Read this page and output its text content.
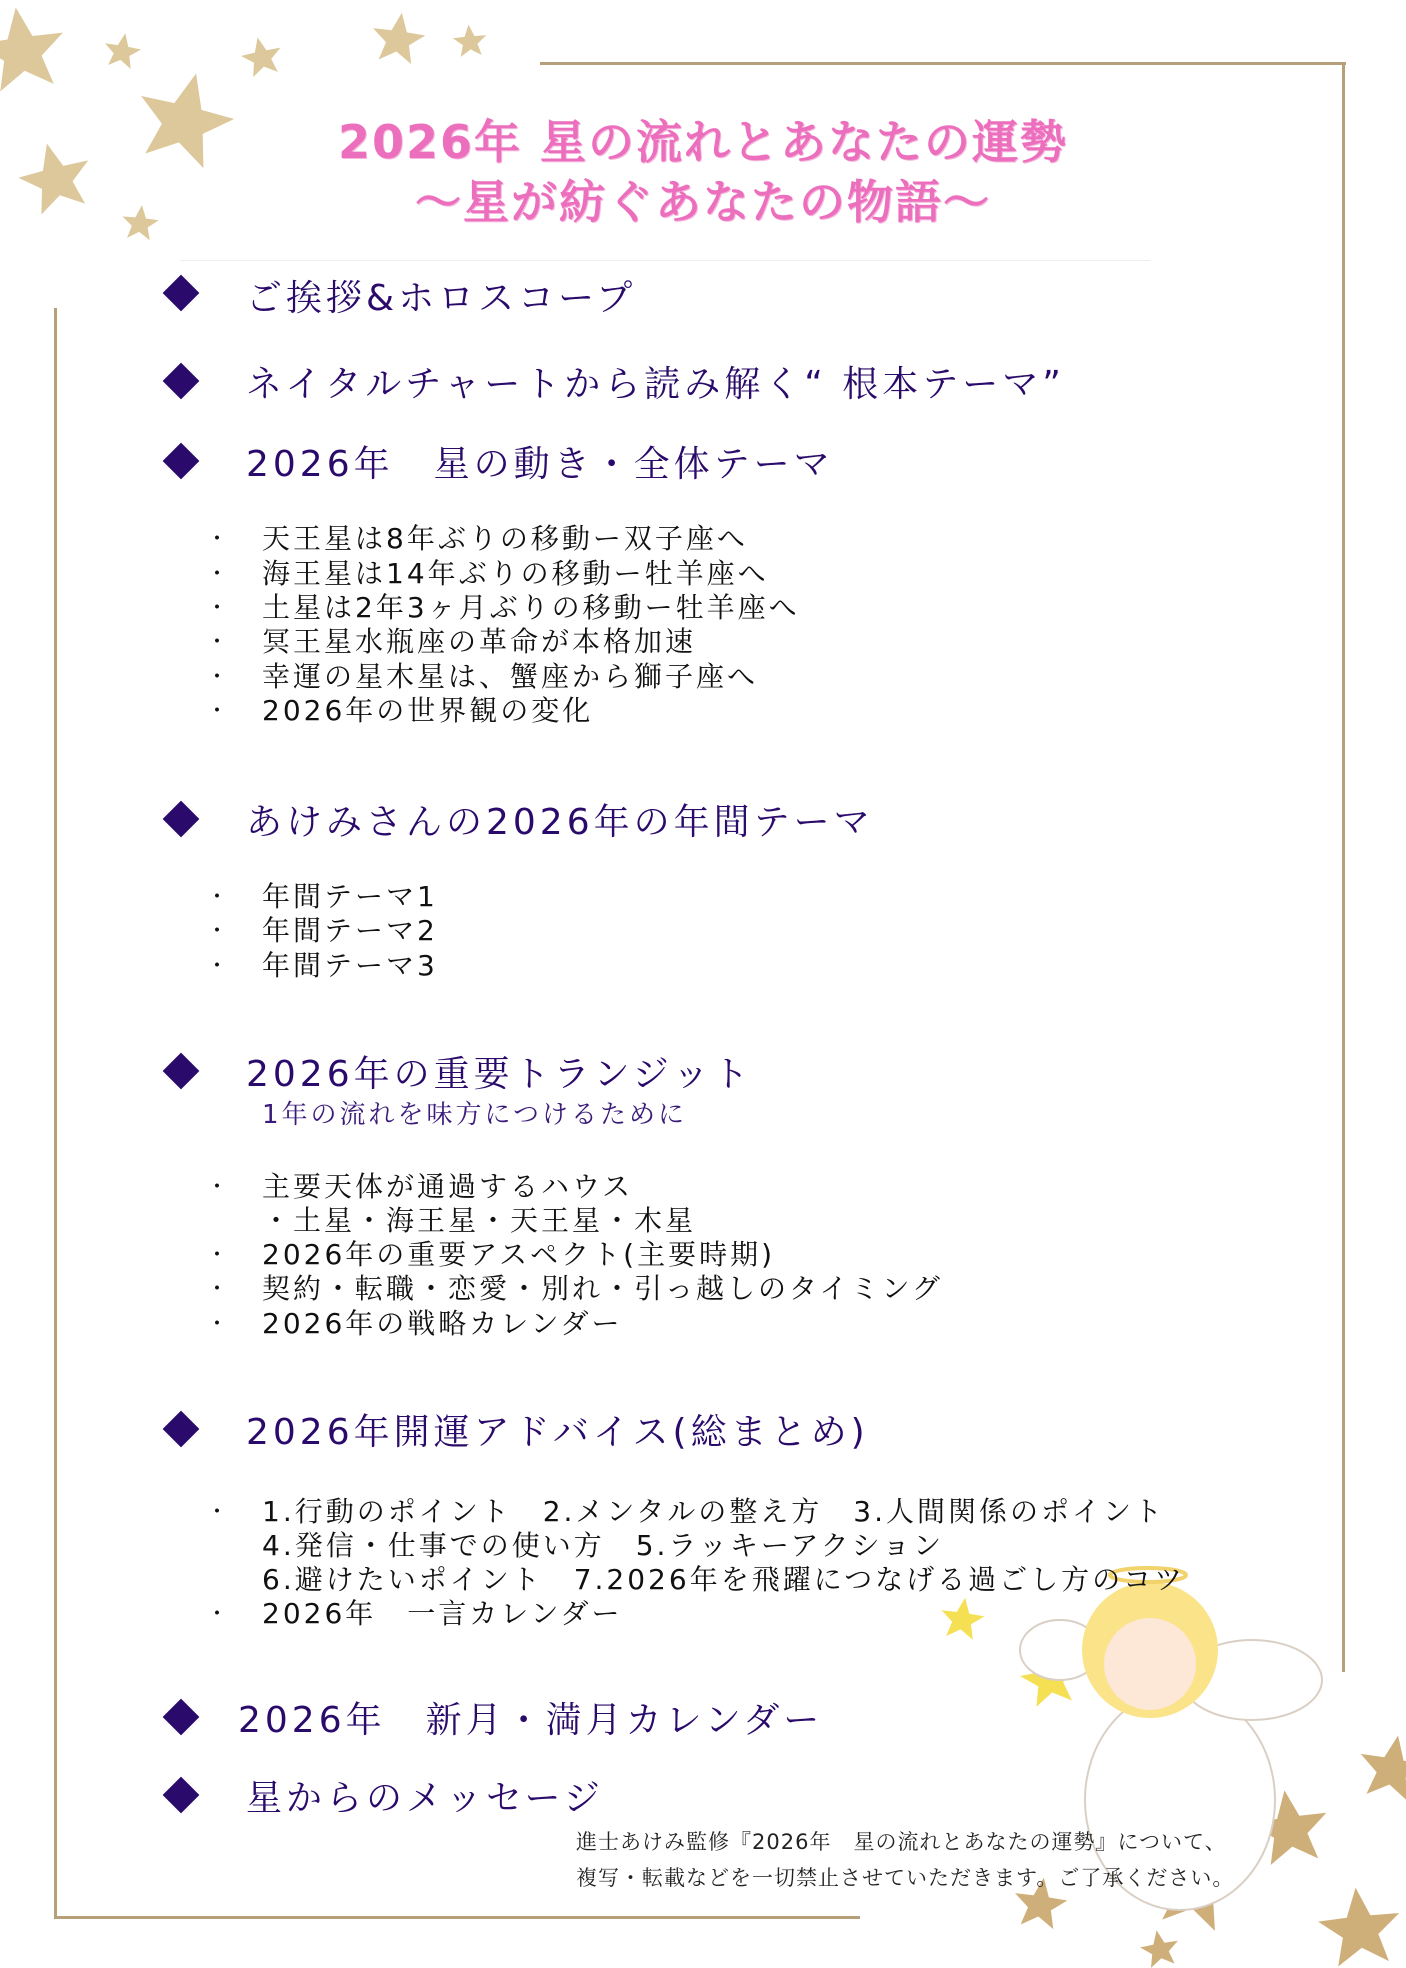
2026年 星の流れとあなたの運勢
〜星が紡ぐあなたの物語〜
ご挨拶&ホロスコープ
ネイタルチャートから読み解く“ 根本テーマ”
2026年　星の動き・全体テーマ
・ 天王星は8年ぶりの移動ー双子座へ
・ 海王星は14年ぶりの移動ー牡羊座へ
・ 土星は2年3ヶ月ぶりの移動ー牡羊座へ
・ 冥王星水瓶座の革命が本格加速
・ 幸運の星木星は、蟹座から獅子座へ
・ 2026年の世界観の変化
あけみさんの2026年の年間テーマ
・ 年間テーマ1
・ 年間テーマ2
・ 年間テーマ3
2026年の重要トランジット
1年の流れを味方につけるために
・ 主要天体が通過するハウス
・土星・海王星・天王星・木星
・ 2026年の重要アスペクト(主要時期)
・ 契約・転職・恋愛・別れ・引っ越しのタイミング
・ 2026年の戦略カレンダー
2026年開運アドバイス(総まとめ)
・ 1.行動のポイント　2.メンタルの整え方　3.人間関係のポイント
4.発信・仕事での使い方　5.ラッキーアクション
6.避けたいポイント　7.2026年を飛躍につなげる過ごし方のコツ
・ 2026年　一言カレンダー
2026年　新月・満月カレンダー
星からのメッセージ
進士あけみ監修『2026年　星の流れとあなたの運勢』について、
複写・転載などを一切禁止させていただきます。ご了承ください。
